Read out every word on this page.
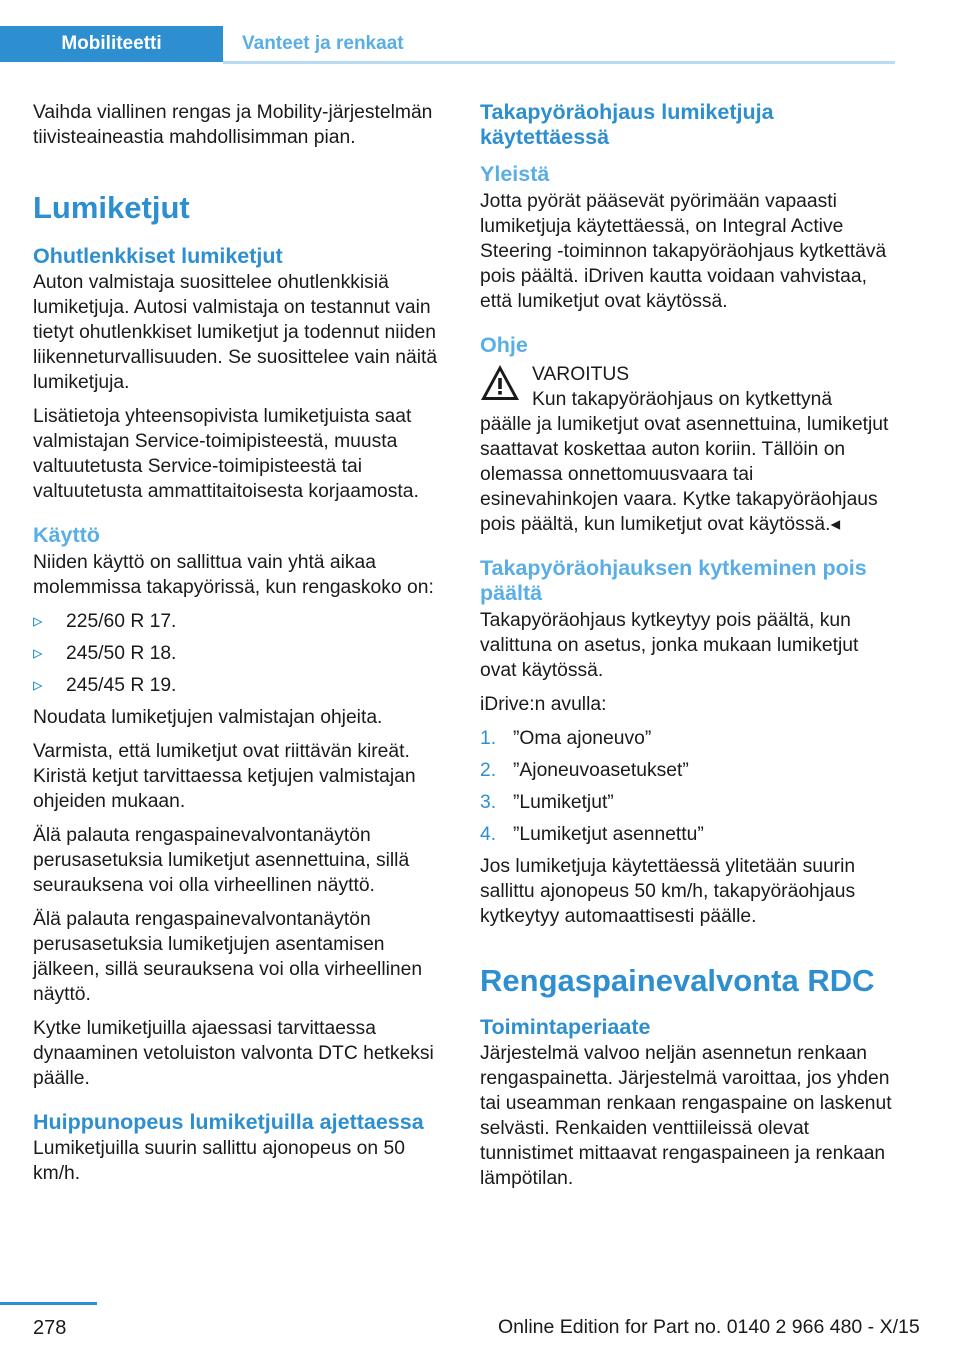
Mobiliteetti	Vanteet ja renkaat

Vaihda viallinen rengas ja Mobility-järjestelmän tiivisteaineastia mahdollisimman pian.

Lumiketjut
Ohutlenkkiset lumiketjut

Auton valmistaja suosittelee ohutlenkkisiä lumiketjuja. Autosi valmistaja on testannut vain tietyt ohutlenkkiset lumiketjut ja todennut niiden liikenneturvallisuuden. Se suosittelee vain näitä lumiketjuja.

Lisätietoja yhteensopivista lumiketjuista saat valmistajan Service-toimipisteestä, muusta valtuutetusta Service-toimipisteestä tai valtuutetusta ammattitaitoisesta korjaamosta.

Käyttö

Niiden käyttö on sallittua vain yhtä aikaa molemmissa takapyörissä, kun rengaskoko on:

▹ 225/60 R 17.
▹ 245/50 R 18.
▹ 245/45 R 19.

Noudata lumiketjujen valmistajan ohjeita.

Varmista, että lumiketjut ovat riittävän kireät. Kiristä ketjut tarvittaessa ketjujen valmistajan ohjeiden mukaan.

Älä palauta rengaspainevalvontanäytön perusasetuksia lumiketjut asennettuina, sillä seurauksena voi olla virheellinen näyttö.

Älä palauta rengaspainevalvontanäytön perusasetuksia lumiketjujen asentamisen jälkeen, sillä seurauksena voi olla virheellinen näyttö.

Kytke lumiketjuilla ajaessasi tarvittaessa dynaaminen vetoluiston valvonta DTC hetkeksi päälle.

Huippunopeus lumiketjuilla ajettaessa

Lumiketjuilla suurin sallittu ajonopeus on 50 km/h.

Takapyöräohjaus lumiketjuja käytettäessä
Yleistä

Jotta pyörät pääsevät pyörimään vapaasti lumiketjuja käytettäessä, on Integral Active Steering -toiminnon takapyöräohjaus kytkettävä pois päältä. iDriven kautta voidaan vahvistaa, että lumiketjut ovat käytössä.

Ohje

VAROITUS

Kun takapyöräohjaus on kytkettynä

päälle ja lumiketjut ovat asennettuina, lumiketjut saattavat koskettaa auton koriin. Tällöin on olemassa onnettomuusvaara tai esinevahinkojen vaara. Kytke takapyöräohjaus pois päältä, kun lumiketjut ovat käytössä.◂

Takapyöräohjauksen kytkeminen pois päältä

Takapyöräohjaus kytkeytyy pois päältä, kun valittuna on asetus, jonka mukaan lumiketjut ovat käytössä.

iDrive:n avulla:

1. ”Oma ajoneuvo”
2. ”Ajoneuvoasetukset”
3. ”Lumiketjut”
4. ”Lumiketjut asennettu”

Jos lumiketjuja käytettäessä ylitetään suurin sallittu ajonopeus 50 km/h, takapyöräohjaus kytkeytyy automaattisesti päälle.

Rengaspainevalvonta RDC
Toimintaperiaate

Järjestelmä valvoo neljän asennetun renkaan rengaspainetta. Järjestelmä varoittaa, jos yhden tai useamman renkaan rengaspaine on laskenut selvästi. Renkaiden venttiileissä olevat tunnistimet mittaavat rengaspaineen ja renkaan lämpötilan.

278	Online Edition for Part no. 0140 2 966 480 - X/15
